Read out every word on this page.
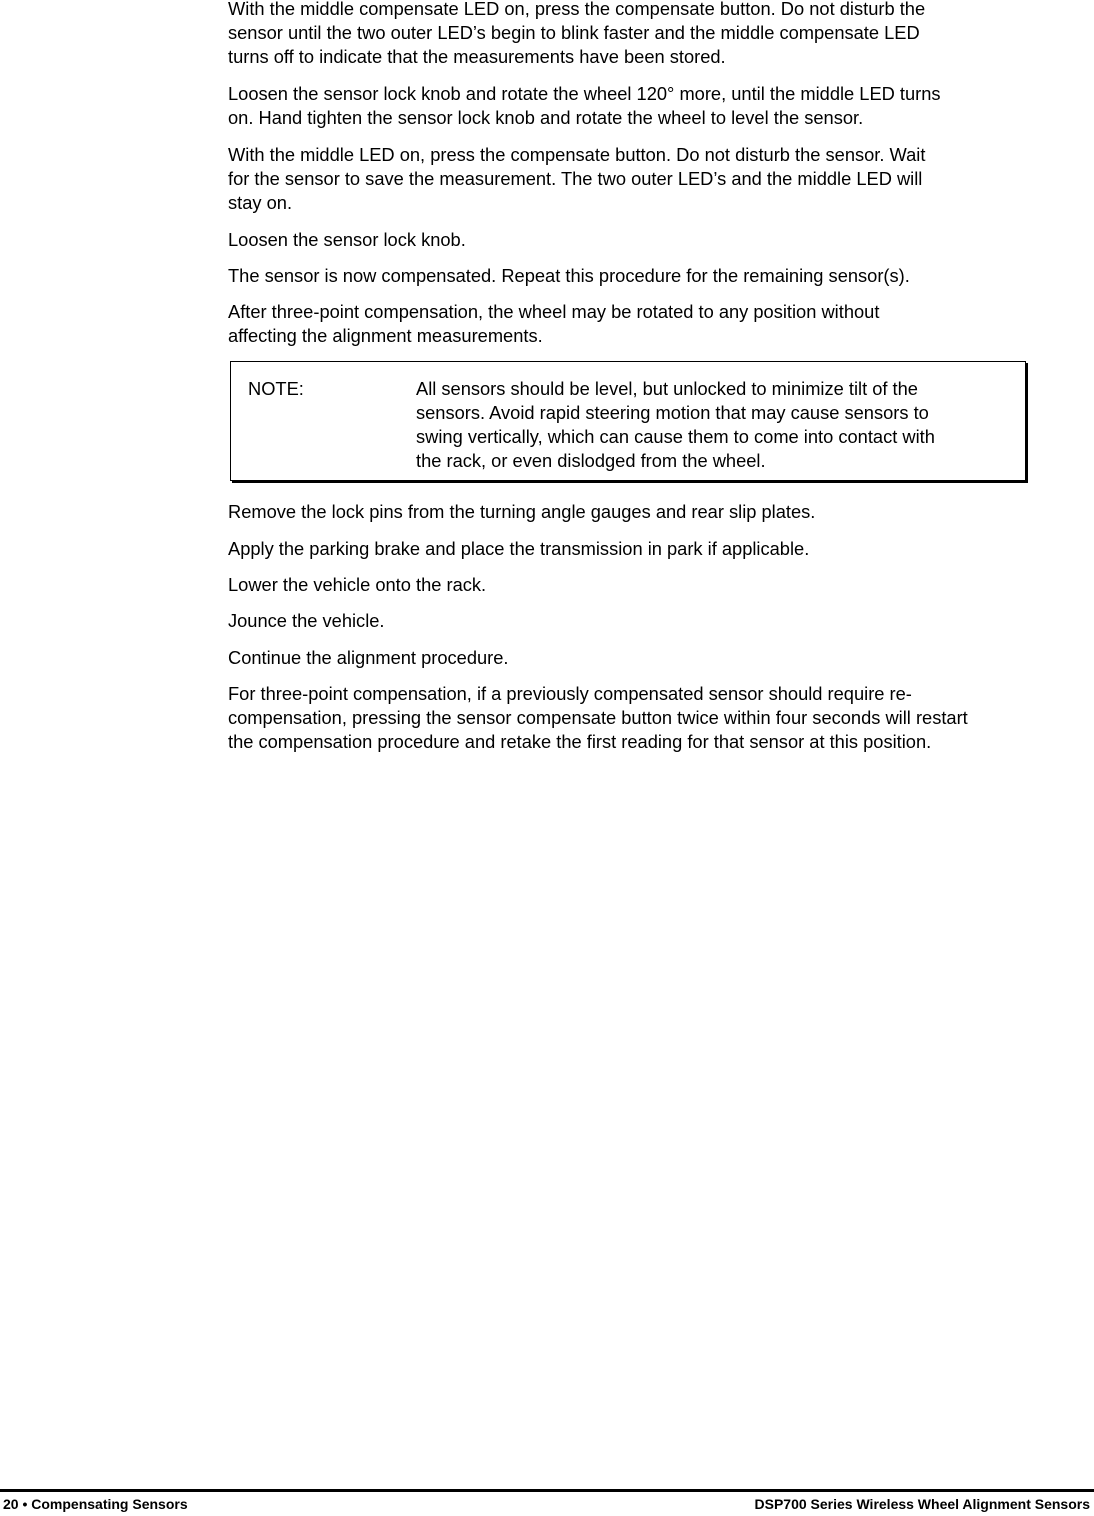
With the middle compensate LED on, press the compensate button. Do not disturb the
sensor until the two outer LED’s begin to blink faster and the middle compensate LED
turns off to indicate that the measurements have been stored.

Loosen the sensor lock knob and rotate the wheel 120° more, until the middle LED turns
on. Hand tighten the sensor lock knob and rotate the wheel to level the sensor.

With the middle LED on, press the compensate button. Do not disturb the sensor. Wait
for the sensor to save the measurement. The two outer LED’s and the middle LED will
stay on.

Loosen the sensor lock knob.

The sensor is now compensated. Repeat this procedure for the remaining sensor(s).

After three-point compensation, the wheel may be rotated to any position without
affecting the alignment measurements.

NOTE:	All sensors should be level, but unlocked to minimize tilt of the
sensors. Avoid rapid steering motion that may cause sensors to
swing vertically, which can cause them to come into contact with
the rack, or even dislodged from the wheel.

Remove the lock pins from the turning angle gauges and rear slip plates.

Apply the parking brake and place the transmission in park if applicable.

Lower the vehicle onto the rack.

Jounce the vehicle.

Continue the alignment procedure.

For three-point compensation, if a previously compensated sensor should require re-
compensation, pressing the sensor compensate button twice within four seconds will restart
the compensation procedure and retake the first reading for that sensor at this position.

20 • Compensating Sensors	DSP700 Series Wireless Wheel Alignment Sensors
